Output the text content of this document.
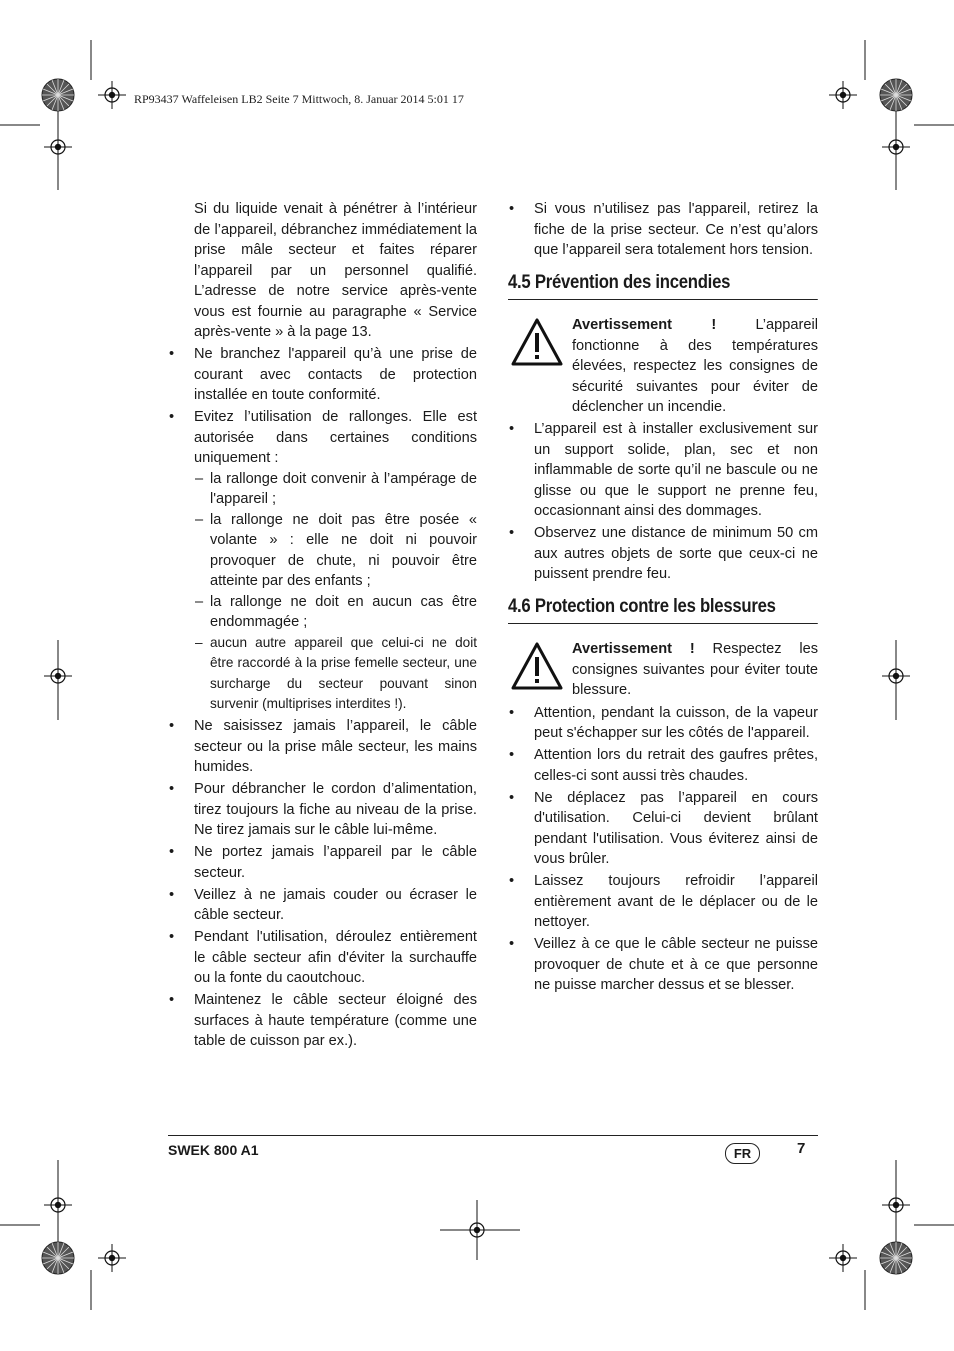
RP93437 Waffeleisen LB2 Seite 7 Mittwoch, 8. Januar 2014 5:01 17

Si du liquide venait à pénétrer à l’intérieur de l’appareil, débranchez immédiatement la prise mâle secteur et faites réparer l’appareil par un personnel qualifié. L’adresse de notre service après-vente vous est fournie au paragraphe « Service après-vente » à la page 13.

• Ne branchez l'appareil qu’à une prise de courant avec contacts de protection installée en toute conformité.
• Evitez l’utilisation de rallonges. Elle est autorisée dans certaines conditions uniquement :
– la rallonge doit convenir à l’ampérage de l'appareil ;
– la rallonge ne doit pas être posée « volante » : elle ne doit ni pouvoir provoquer de chute, ni pouvoir être atteinte par des enfants ;
– la rallonge ne doit en aucun cas être endommagée ;
– aucun autre appareil que celui-ci ne doit être raccordé à la prise femelle secteur, une surcharge du secteur pouvant sinon survenir (multiprises interdites !).
• Ne saisissez jamais l’appareil, le câble secteur ou la prise mâle secteur, les mains humides.
• Pour débrancher le cordon d’alimentation, tirez toujours la fiche au niveau de la prise. Ne tirez jamais sur le câble lui-même.
• Ne portez jamais l’appareil par le câble secteur.
• Veillez à ne jamais couder ou écraser le câble secteur.
• Pendant l'utilisation, déroulez entièrement le câble secteur afin d'éviter la surchauffe ou la fonte du caoutchouc.
• Maintenez le câble secteur éloigné des surfaces à haute température (comme une table de cuisson par ex.).
• Si vous n’utilisez pas l'appareil, retirez la fiche de la prise secteur. Ce n’est qu’alors que l’appareil sera totalement hors tension.
4.5 Prévention des incendies

Avertissement ! L’appareil fonctionne à des températures élevées, respectez les consignes de sécurité suivantes pour éviter de déclencher un incendie.

• L’appareil est à installer exclusivement sur un support solide, plan, sec et non inflammable de sorte qu’il ne bascule ou ne glisse ou que le support ne prenne feu, occasionnant ainsi des dommages.
• Observez une distance de minimum 50 cm aux autres objets de sorte que ceux-ci ne puissent prendre feu.
4.6 Protection contre les blessures

Avertissement ! Respectez les consignes suivantes pour éviter toute blessure.

• Attention, pendant la cuisson, de la vapeur peut s'échapper sur les côtés de l'appareil.
• Attention lors du retrait des gaufres prêtes, celles-ci sont aussi très chaudes.
• Ne déplacez pas l’appareil en cours d'utilisation. Celui-ci devient brûlant pendant l'utilisation. Vous éviterez ainsi de vous brûler.
• Laissez toujours refroidir l’appareil entièrement avant de le déplacer ou de le nettoyer.
• Veillez à ce que le câble secteur ne puisse provoquer de chute et à ce que personne ne puisse marcher dessus et se blesser.
SWEK 800 A1	FR	7
